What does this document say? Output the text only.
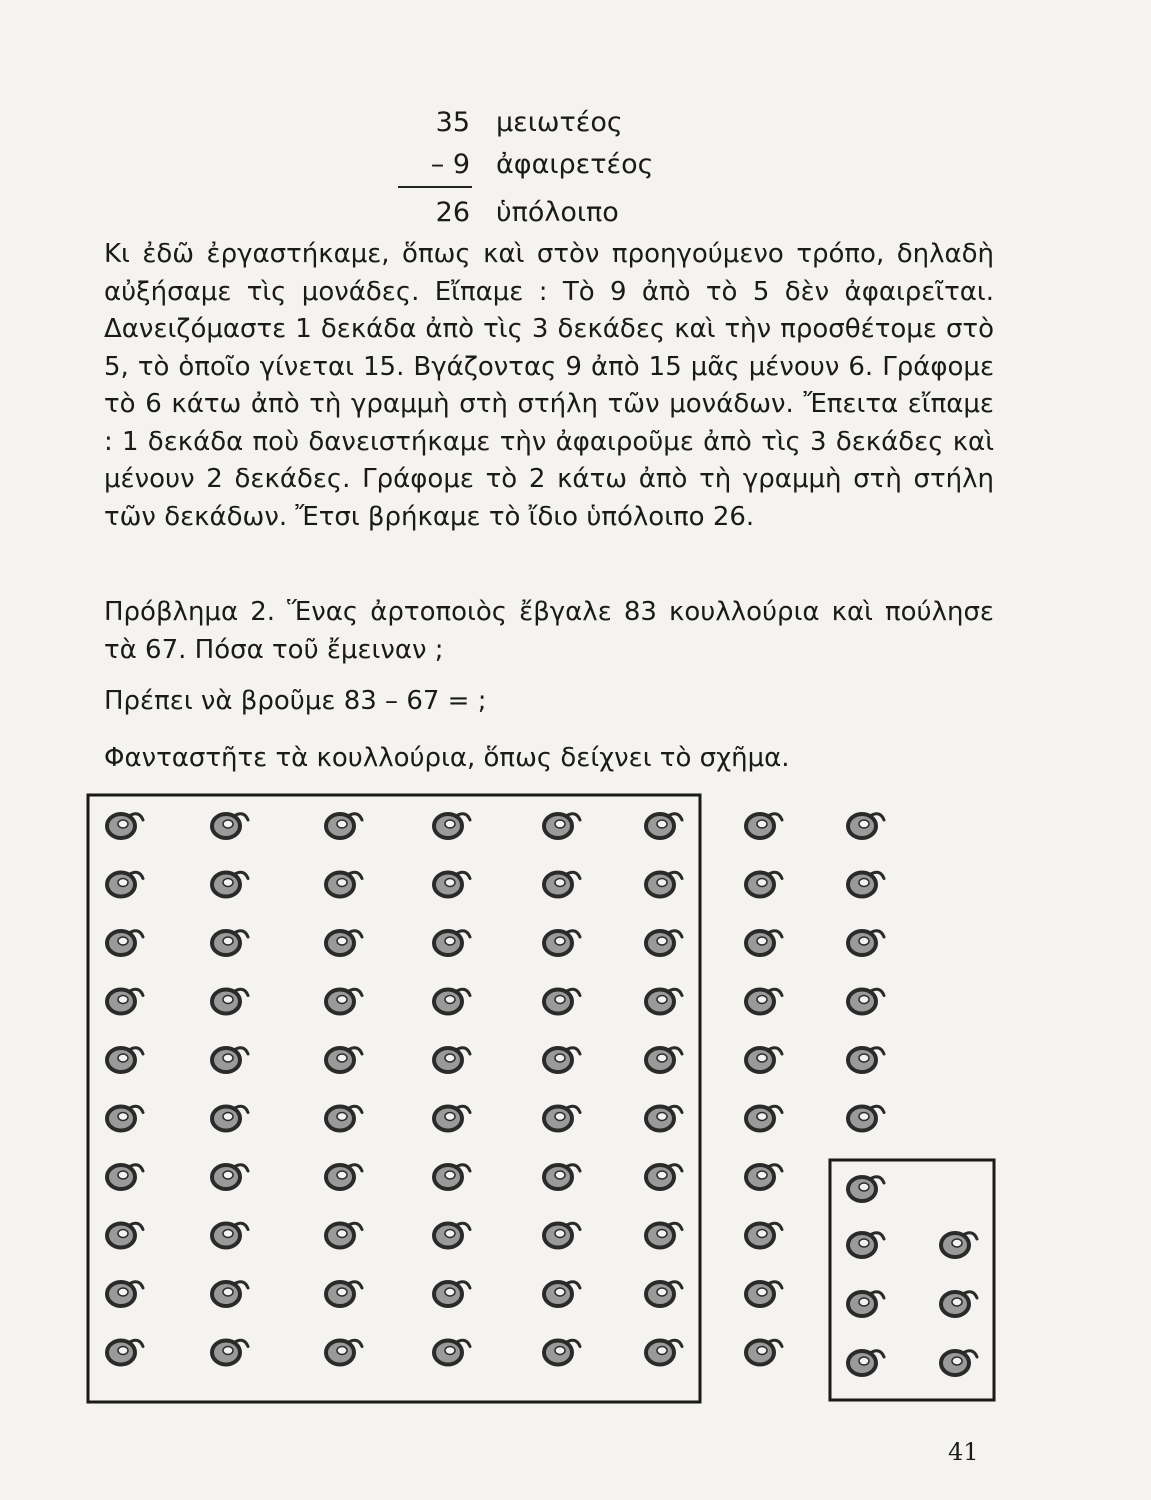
35 μειωτέος
– 9 ἀφαιρετέος
26 ὑπόλοιπο

Κι ἐδῶ ἐργαστήκαμε, ὅπως καὶ στὸν προηγούμενο τρόπο, δηλαδὴ αὐξήσαμε τὶς μονάδες. Εἴπαμε : Τὸ 9 ἀπὸ τὸ 5 δὲν ἀφαιρεῖται. Δανειζόμαστε 1 δεκάδα ἀπὸ τὶς 3 δεκάδες καὶ τὴν προσθέτομε στὸ 5, τὸ ὁποῖο γίνεται 15. Βγάζοντας 9 ἀπὸ 15 μᾶς μένουν 6. Γράφομε τὸ 6 κάτω ἀπὸ τὴ γραμμὴ στὴ στήλη τῶν μονάδων. Ἔπειτα εἴπαμε : 1 δεκάδα ποὺ δανειστήκαμε τὴν ἀφαιροῦμε ἀπὸ τὶς 3 δεκάδες καὶ μένουν 2 δεκάδες. Γράφομε τὸ 2 κάτω ἀπὸ τὴ γραμμὴ στὴ στήλη τῶν δεκάδων. Ἔτσι βρήκαμε τὸ ἴδιο ὑπόλοιπο 26.

Πρόβλημα 2. Ἕνας ἀρτοποιὸς ἔβγαλε 83 κουλλούρια καὶ πούλησε τὰ 67. Πόσα τοῦ ἔμειναν ;

Πρέπει νὰ βροῦμε 83 – 67 = ;

Φανταστῆτε τὰ κουλλούρια, ὅπως δείχνει τὸ σχῆμα.

41
